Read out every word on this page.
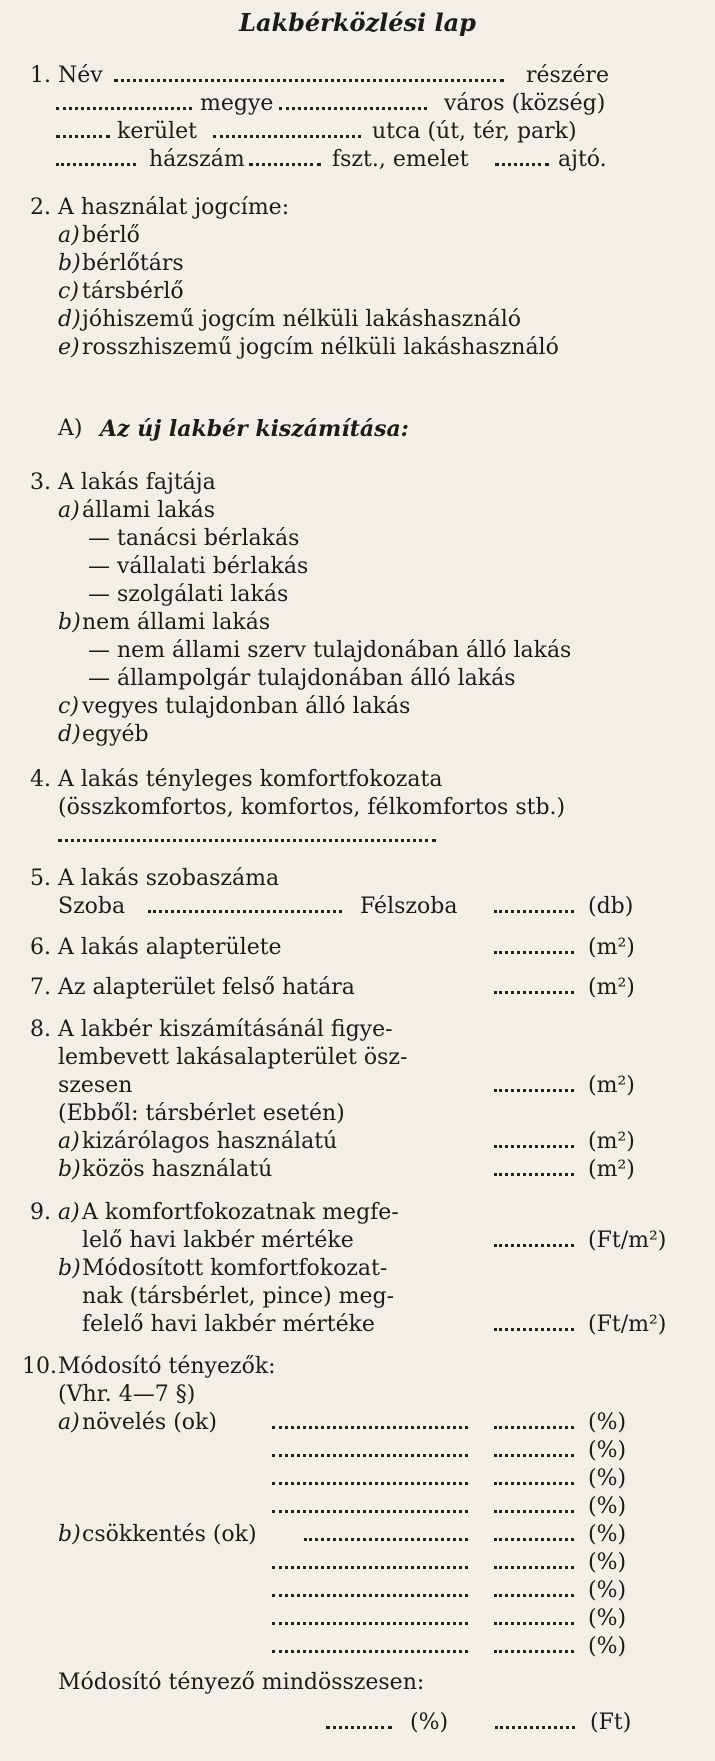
Lakbérközlési lap
1. Név	részére
megye	város (község)
kerület	utca (út, tér, park)
házszám	fszt., emelet	ajtó.
2. A használat jogcíme:
a) bérlő
b) bérlőtárs
c) társbérlő
d) jóhiszemű jogcím nélküli lakáshasználó
e) rosszhiszemű jogcím nélküli lakáshasználó
A) Az új lakbér kiszámítása:
3. A lakás fajtája
a) állami lakás
— tanácsi bérlakás
— vállalati bérlakás
— szolgálati lakás
b) nem állami lakás
— nem állami szerv tulajdonában álló lakás
— állampolgár tulajdonában álló lakás
c) vegyes tulajdonban álló lakás
d) egyéb
4. A lakás tényleges komfortfokozata
(összkomfortos, komfortos, félkomfortos stb.)
5. A lakás szobaszáma
Szoba	Félszoba	(db)
6. A lakás alapterülete	(m²)
7. Az alapterület felső határa	(m²)
8. A lakbér kiszámításánál figye-
lembevett lakásalapterület ösz-
szesen	(m²)
(Ebből: társbérlet esetén)
a) kizárólagos használatú	(m²)
b) közös használatú	(m²)
9. a) A komfortfokozatnak megfe-
lelő havi lakbér mértéke	(Ft/m²)
b) Módosított komfortfokozat-
nak (társbérlet, pince) meg-
felelő havi lakbér mértéke	(Ft/m²)
10. Módosító tényezők:
(Vhr. 4—7 §)
a) növelés (ok)	(%)
(%)
(%)
(%)
b) csökkentés (ok)	(%)
(%)
(%)
(%)
(%)
Módosító tényező mindösszesen:
(%)	(Ft)
